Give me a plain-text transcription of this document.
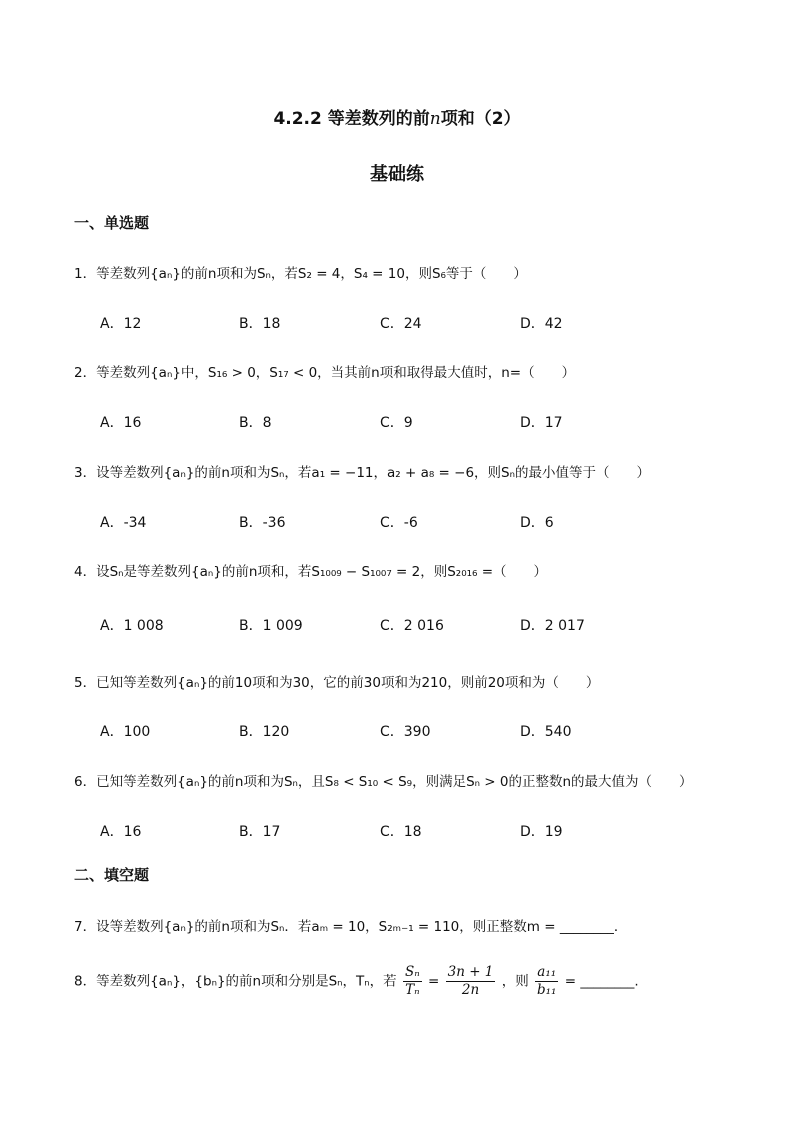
4.2.2 等差数列的前n项和（2）
基础练
一、单选题
1．等差数列{aₙ}的前n项和为Sₙ，若S₂ = 4，S₄ = 10，则S₆等于（　　）
A．12	B．18	C．24	D．42
2．等差数列{aₙ}中，S₁₆ > 0，S₁₇ < 0，当其前n项和取得最大值时，n=（　　）
A．16	B．8	C．9	D．17
3．设等差数列{aₙ}的前n项和为Sₙ，若a₁ = −11，a₂ + a₈ = −6，则Sₙ的最小值等于（　　）
A．-34	B．-36	C．-6	D．6
4．设Sₙ是等差数列{aₙ}的前n项和，若S₁₀₀₉ − S₁₀₀₇ = 2，则S₂₀₁₆ =（　　）
A．1 008	B．1 009	C．2 016	D．2 017
5．已知等差数列{aₙ}的前10项和为30，它的前30项和为210，则前20项和为（　　）
A．100	B．120	C．390	D．540
6．已知等差数列{aₙ}的前n项和为Sₙ，且S₈ < S₁₀ < S₉，则满足Sₙ > 0的正整数n的最大值为（　　）
A．16	B．17	C．18	D．19
二、填空题
7．设等差数列{aₙ}的前n项和为Sₙ．若aₘ = 10，S₂ₘ₋₁ = 110，则正整数m = ________．
8．等差数列{aₙ}，{bₙ}的前n项和分别是Sₙ，Tₙ，若 $\frac{\text{Sₙ}}{\text{Tₙ}} = \frac{3n + 1}{2n}$ ，则 $\frac{\text{a₁₁}}{\text{b₁₁}}$ = ________.
